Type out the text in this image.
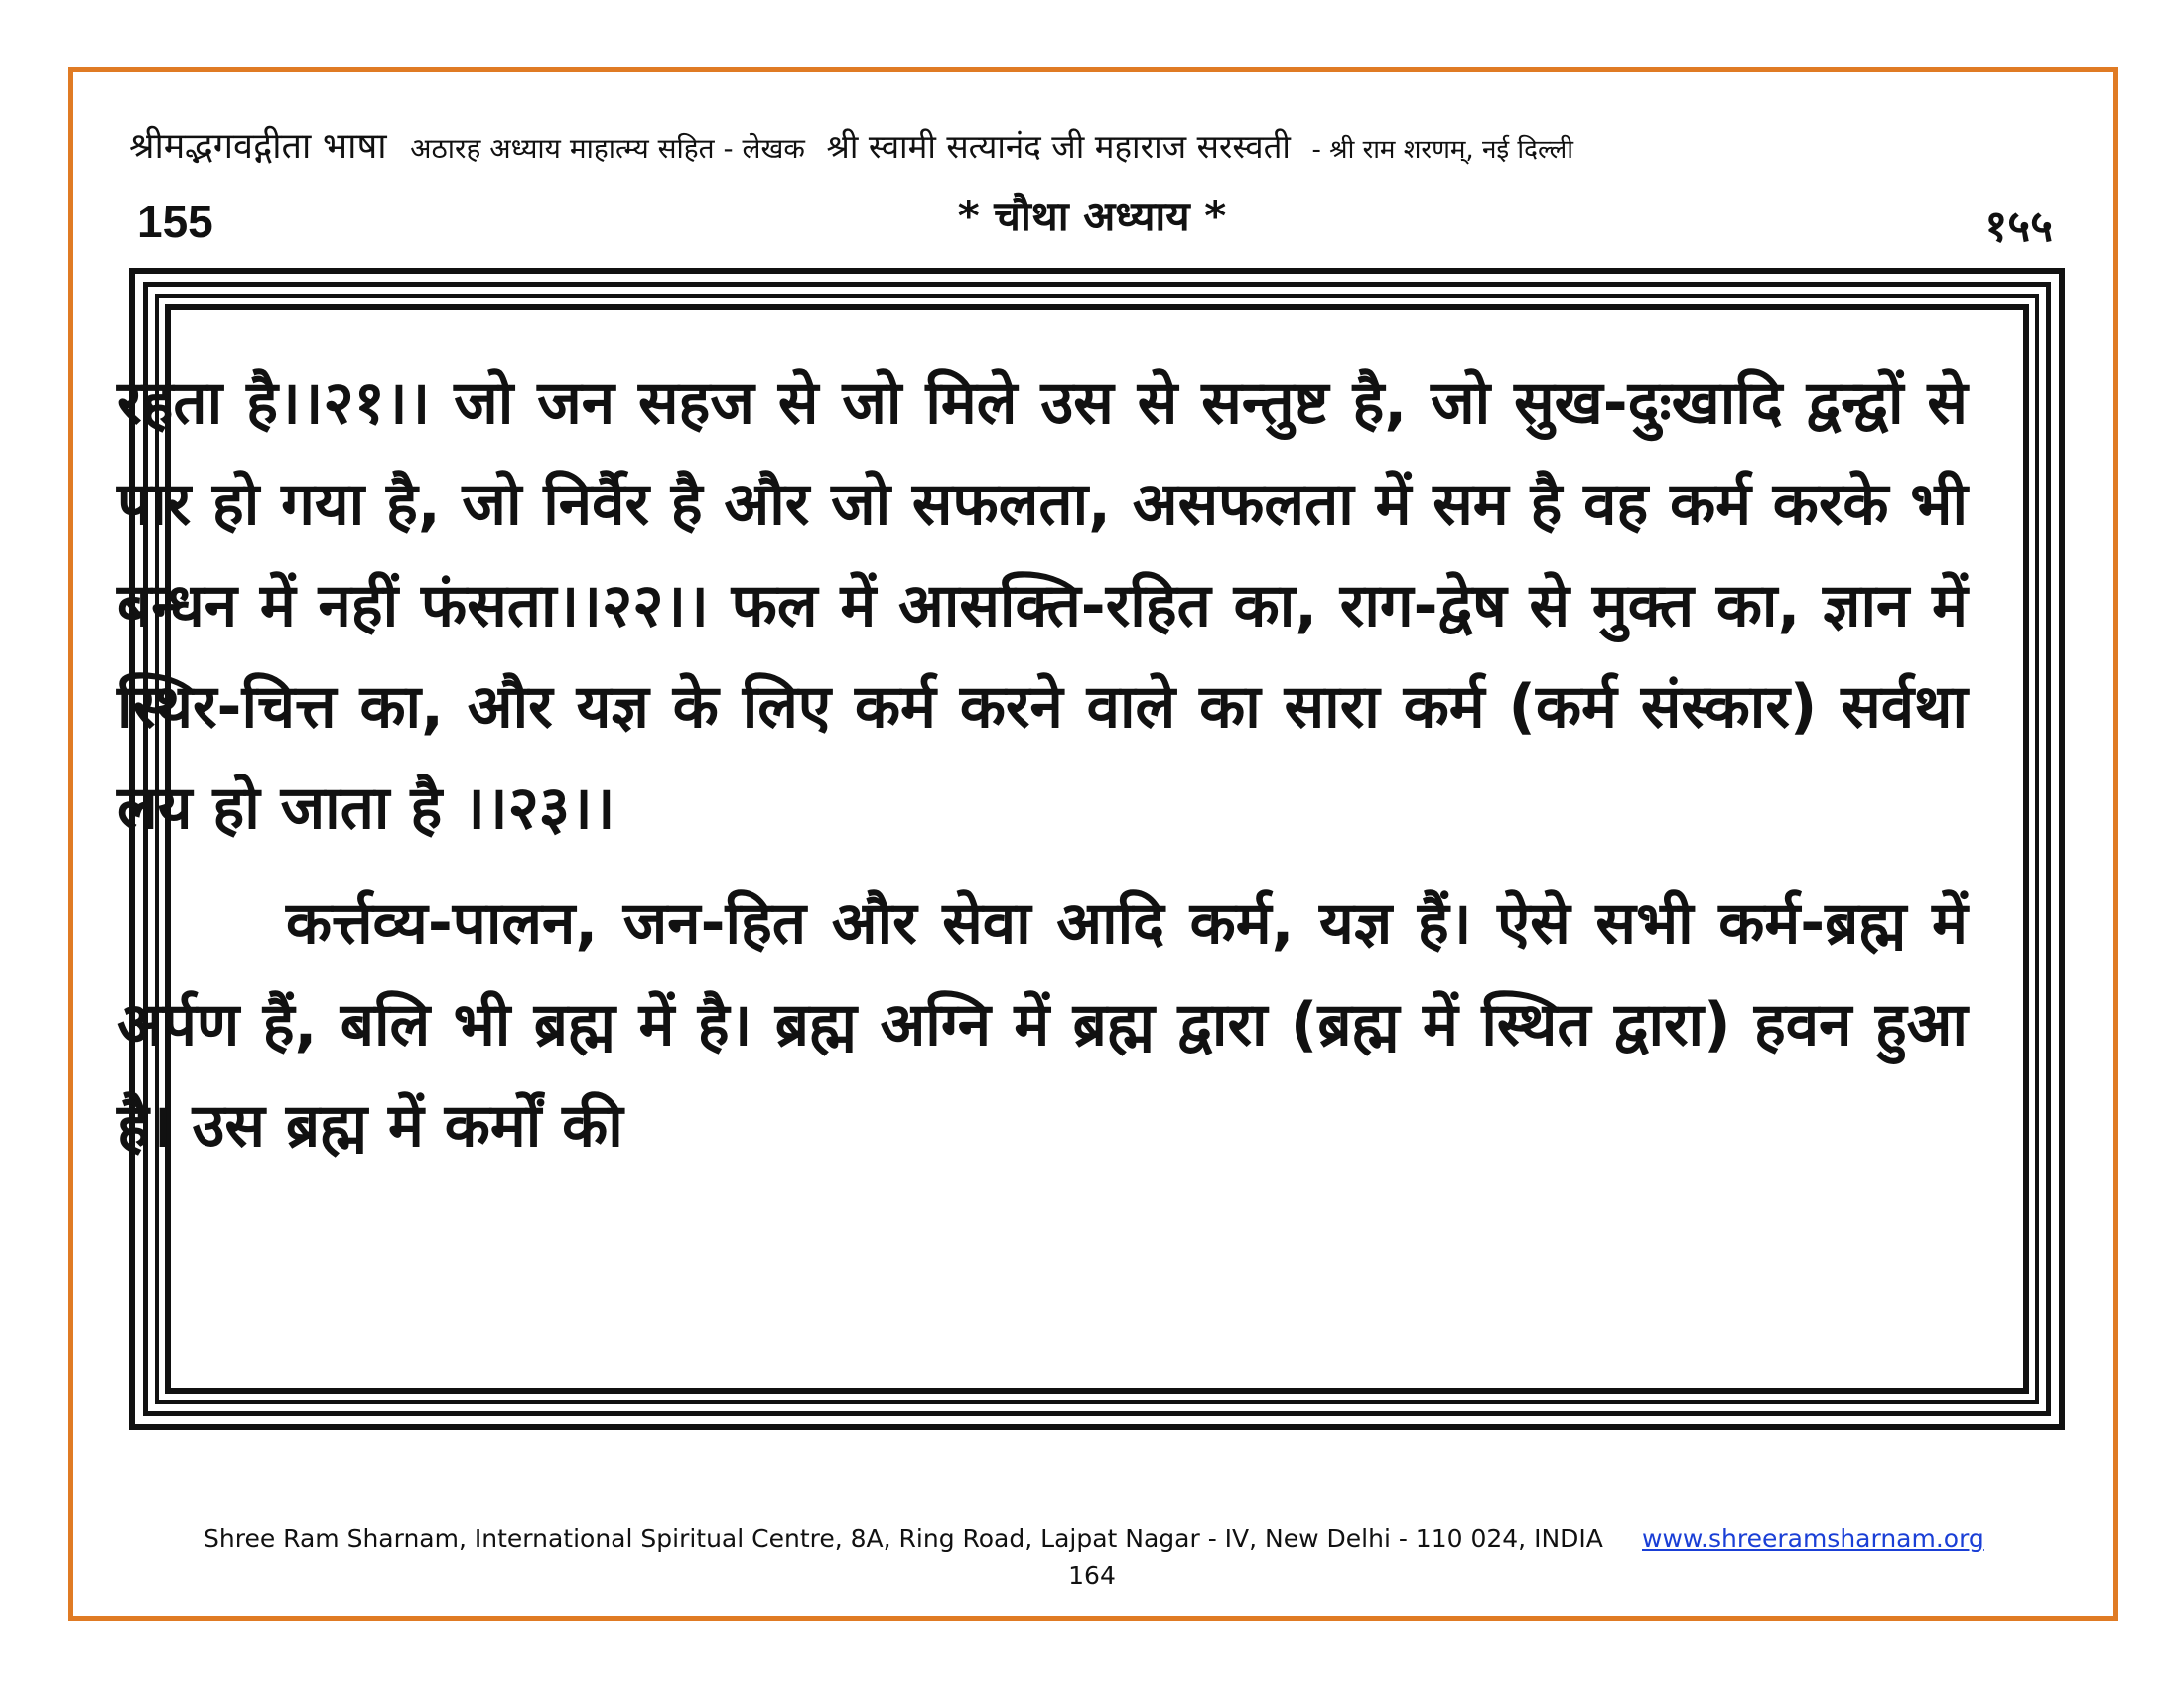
श्रीमद्भगवद्गीता भाषा अठारह अध्याय माहात्म्य सहित - लेखक श्री स्वामी सत्यानंद जी महाराज सरस्वती - श्री राम शरणम्, नई दिल्ली
155	* चौथा अध्याय *	१५५

रहता है।।२१।। जो जन सहज से जो मिले उस से सन्तुष्ट है, जो सुख-दुःखादि द्वन्द्वों से पार हो गया है, जो निर्वैर है और जो सफलता, असफलता में सम है वह कर्म करके भी बन्धन में नहीं फंसता।।२२।। फल में आसक्ति-रहित का, राग-द्वेष से मुक्त का, ज्ञान में स्थिर-चित्त का, और यज्ञ के लिए कर्म करने वाले का सारा कर्म (कर्म संस्कार) सर्वथा लय हो जाता है ।।२३।।

कर्त्तव्य-पालन, जन-हित और सेवा आदि कर्म, यज्ञ हैं। ऐसे सभी कर्म-ब्रह्म में अर्पण हैं, बलि भी ब्रह्म में है। ब्रह्म अग्नि में ब्रह्म द्वारा (ब्रह्म में स्थित द्वारा) हवन हुआ है। उस ब्रह्म में कर्मों की

Shree Ram Sharnam, International Spiritual Centre, 8A, Ring Road, Lajpat Nagar - IV, New Delhi - 110 024, INDIA www.shreeramsharnam.org
164
